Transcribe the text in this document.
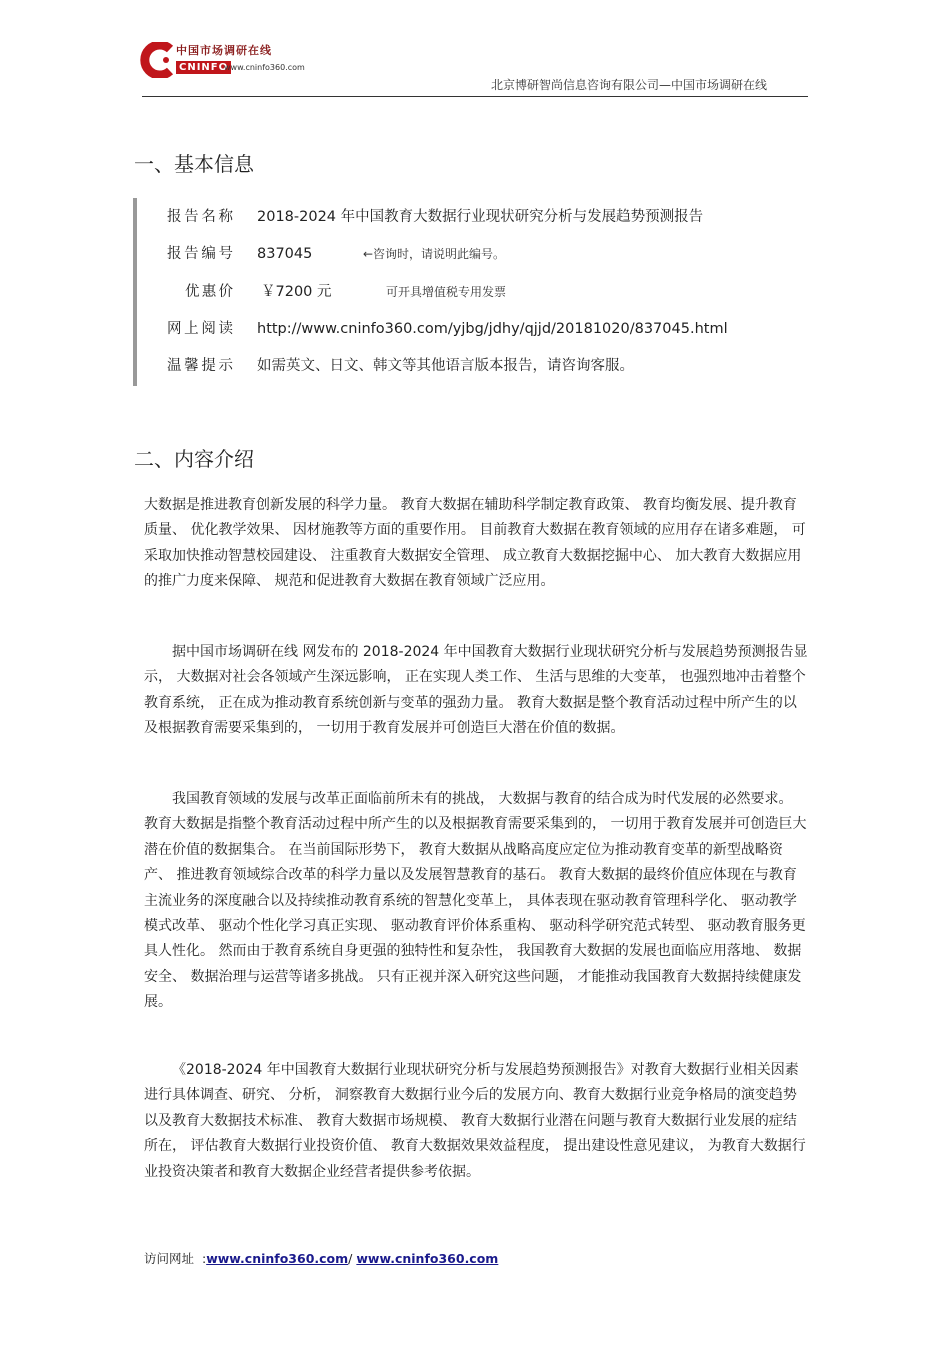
中国市场调研在线
CNINFO
www.cninfo360.com
北京博研智尚信息咨询有限公司—中国市场调研在线
一、基本信息
报告名称 2018-2024 年中国教育大数据行业现状研究分析与发展趋势预测报告
报告编号 837045	←咨询时，请说明此编号。
优惠价 ￥7200 元	可开具增值税专用发票
网上阅读 http://www.cninfo360.com/yjbg/jdhy/qjjd/20181020/837045.html
温馨提示 如需英文、日文、韩文等其他语言版本报告，请咨询客服。
二、内容介绍

大数据是推进教育创新发展的科学力量。 教育大数据在辅助科学制定教育政策、 教育均衡发展、提升教育质量、 优化教学效果、 因材施教等方面的重要作用。 目前教育大数据在教育领域的应用存在诸多难题， 可采取加快推动智慧校园建设、 注重教育大数据安全管理、 成立教育大数据挖掘中心、 加大教育大数据应用的推广力度来保障、 规范和促进教育大数据在教育领域广泛应用。

据中国市场调研在线 网发布的 2018-2024 年中国教育大数据行业现状研究分析与发展趋势预测报告显示， 大数据对社会各领域产生深远影响， 正在实现人类工作、 生活与思维的大变革， 也强烈地冲击着整个教育系统， 正在成为推动教育系统创新与变革的强劲力量。 教育大数据是整个教育活动过程中所产生的以及根据教育需要采集到的， 一切用于教育发展并可创造巨大潜在价值的数据。

我国教育领域的发展与改革正面临前所未有的挑战， 大数据与教育的结合成为时代发展的必然要求。 教育大数据是指整个教育活动过程中所产生的以及根据教育需要采集到的， 一切用于教育发展并可创造巨大潜在价值的数据集合。 在当前国际形势下， 教育大数据从战略高度应定位为推动教育变革的新型战略资产、 推进教育领域综合改革的科学力量以及发展智慧教育的基石。 教育大数据的最终价值应体现在与教育主流业务的深度融合以及持续推动教育系统的智慧化变革上， 具体表现在驱动教育管理科学化、 驱动教学模式改革、 驱动个性化学习真正实现、 驱动教育评价体系重构、 驱动科学研究范式转型、 驱动教育服务更具人性化。 然而由于教育系统自身更强的独特性和复杂性， 我国教育大数据的发展也面临应用落地、 数据安全、 数据治理与运营等诸多挑战。 只有正视并深入研究这些问题， 才能推动我国教育大数据持续健康发展。

《2018-2024 年中国教育大数据行业现状研究分析与发展趋势预测报告》对教育大数据行业相关因素进行具体调查、研究、 分析， 洞察教育大数据行业今后的发展方向、教育大数据行业竞争格局的演变趋势以及教育大数据技术标准、 教育大数据市场规模、 教育大数据行业潜在问题与教育大数据行业发展的症结所在， 评估教育大数据行业投资价值、 教育大数据效果效益程度， 提出建设性意见建议， 为教育大数据行业投资决策者和教育大数据企业经营者提供参考依据。

访问网址  :www.cninfo360.com/ www.cninfo360.com
